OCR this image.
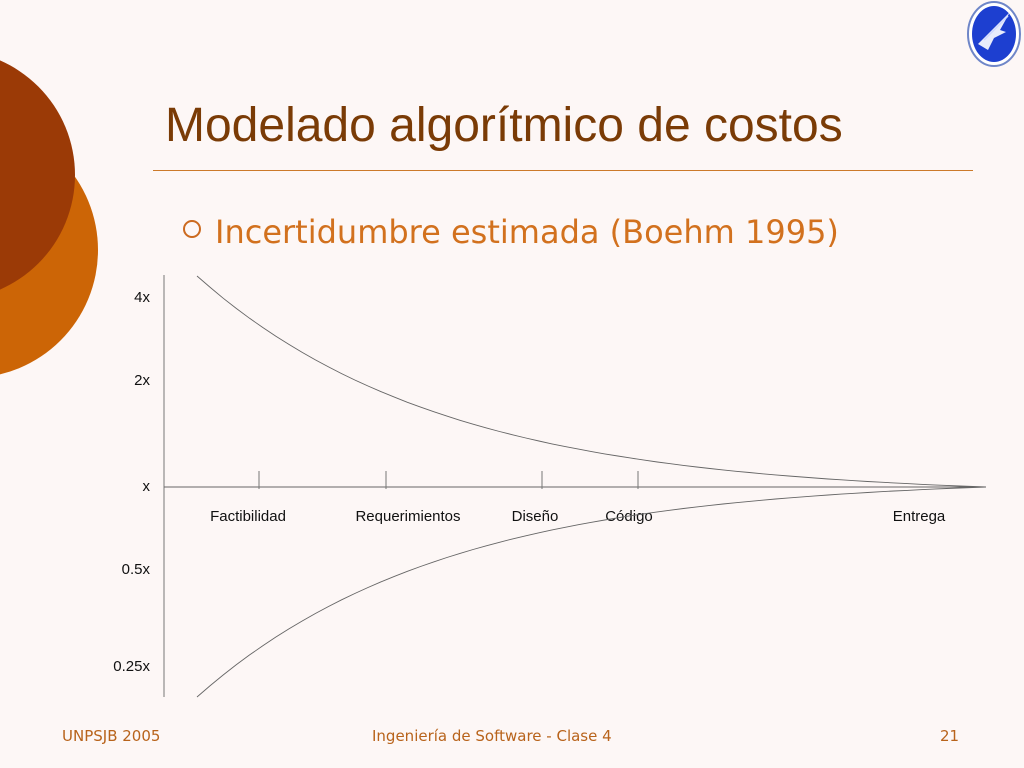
Modelado algorítmico de costos
Incertidumbre estimada (Boehm 1995)
4x
2x
x
0.5x
0.25x
Factibilidad	Requerimientos	Diseño	Código	Entrega
UNPSJB 2005	Ingeniería de Software - Clase 4	21
